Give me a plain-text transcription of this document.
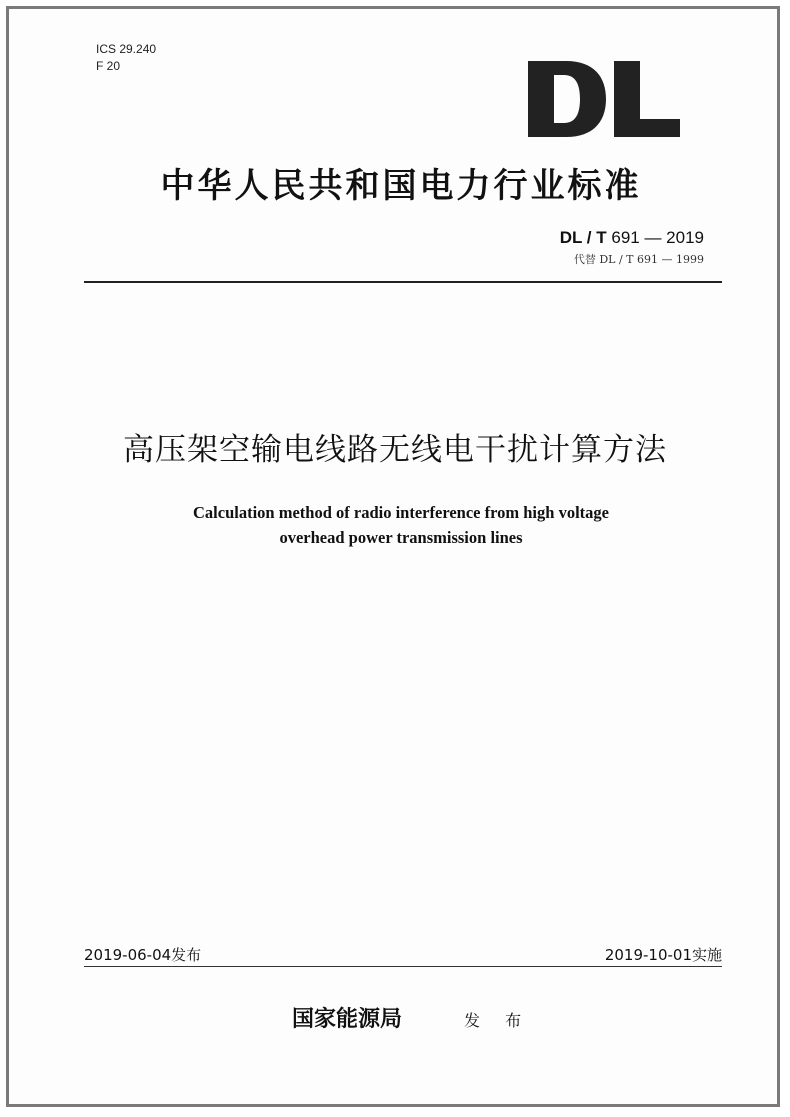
ICS 29.240
F 20
中华人民共和国电力行业标准
DL / T 691 — 2019
代替 DL / T 691 — 1999
高压架空输电线路无线电干扰计算方法
Calculation method of radio interference from high voltage
overhead power transmission lines
2019-06-04发布	2019-10-01实施
国家能源局	发 布
